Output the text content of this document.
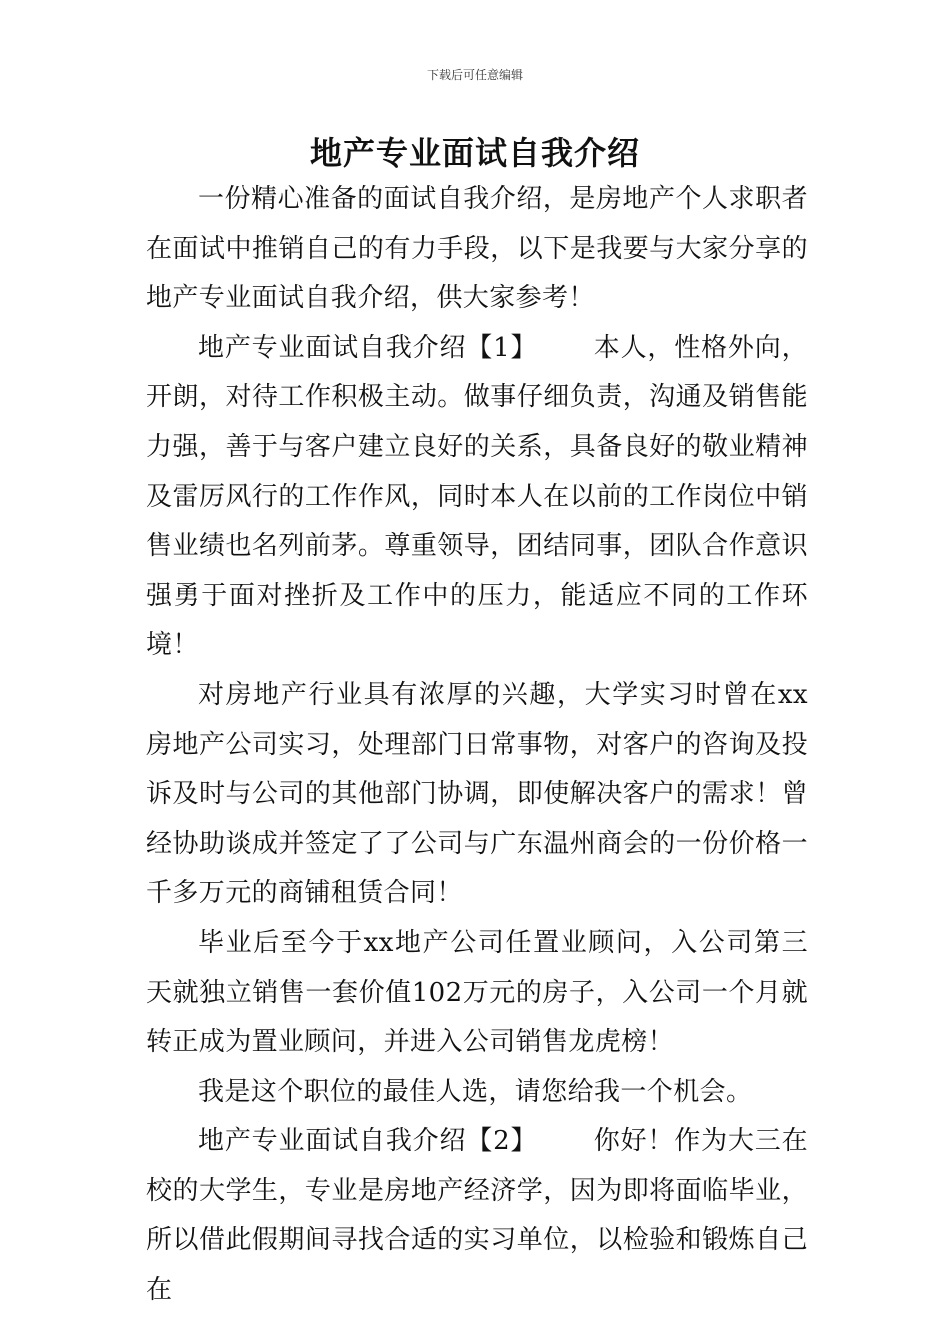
下载后可任意编辑
地产专业面试自我介绍

一份精心准备的面试自我介绍，是房地产个人求职者在面试中推销自己的有力手段，以下是我要与大家分享的地产专业面试自我介绍，供大家参考！

地产专业面试自我介绍【1】 本人，性格外向，开朗，对待工作积极主动。做事仔细负责，沟通及销售能力强，善于与客户建立良好的关系，具备良好的敬业精神及雷厉风行的工作作风，同时本人在以前的工作岗位中销售业绩也名列前茅。尊重领导，团结同事，团队合作意识强勇于面对挫折及工作中的压力，能适应不同的工作环境！

对房地产行业具有浓厚的兴趣，大学实习时曾在xx房地产公司实习，处理部门日常事物，对客户的咨询及投诉及时与公司的其他部门协调，即使解决客户的需求！曾经协助谈成并签定了了公司与广东温州商会的一份价格一千多万元的商铺租赁合同！

毕业后至今于xx地产公司任置业顾问，入公司第三天就独立销售一套价值102万元的房子，入公司一个月就转正成为置业顾问，并进入公司销售龙虎榜！

我是这个职位的最佳人选，请您给我一个机会。

地产专业面试自我介绍【2】 你好！作为大三在校的大学生，专业是房地产经济学，因为即将面临毕业，所以借此假期间寻找合适的实习单位，以检验和锻炼自己在
